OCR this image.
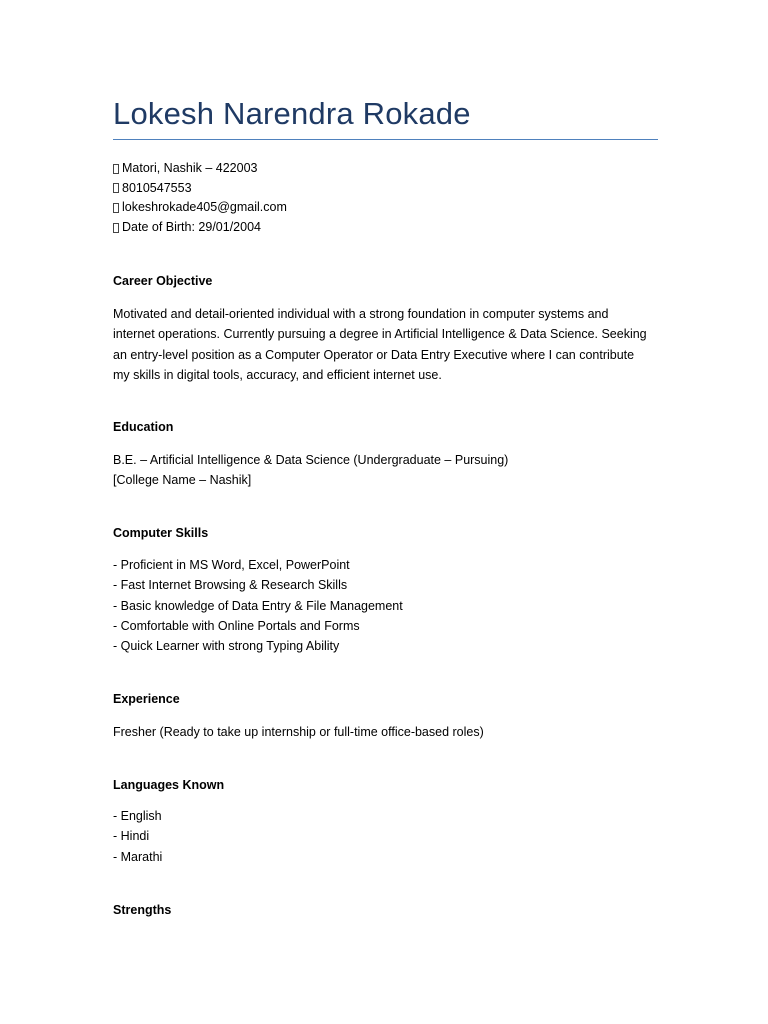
Lokesh Narendra Rokade
Matori, Nashik – 422003
8010547553
lokeshrokade405@gmail.com
Date of Birth: 29/01/2004
Career Objective
Motivated and detail-oriented individual with a strong foundation in computer systems and
internet operations. Currently pursuing a degree in Artificial Intelligence & Data Science. Seeking
an entry-level position as a Computer Operator or Data Entry Executive where I can contribute
my skills in digital tools, accuracy, and efficient internet use.
Education
B.E. – Artificial Intelligence & Data Science (Undergraduate – Pursuing)
[College Name – Nashik]
Computer Skills
- Proficient in MS Word, Excel, PowerPoint
- Fast Internet Browsing & Research Skills
- Basic knowledge of Data Entry & File Management
- Comfortable with Online Portals and Forms
- Quick Learner with strong Typing Ability
Experience
Fresher (Ready to take up internship or full-time office-based roles)
Languages Known
- English
- Hindi
- Marathi
Strengths
